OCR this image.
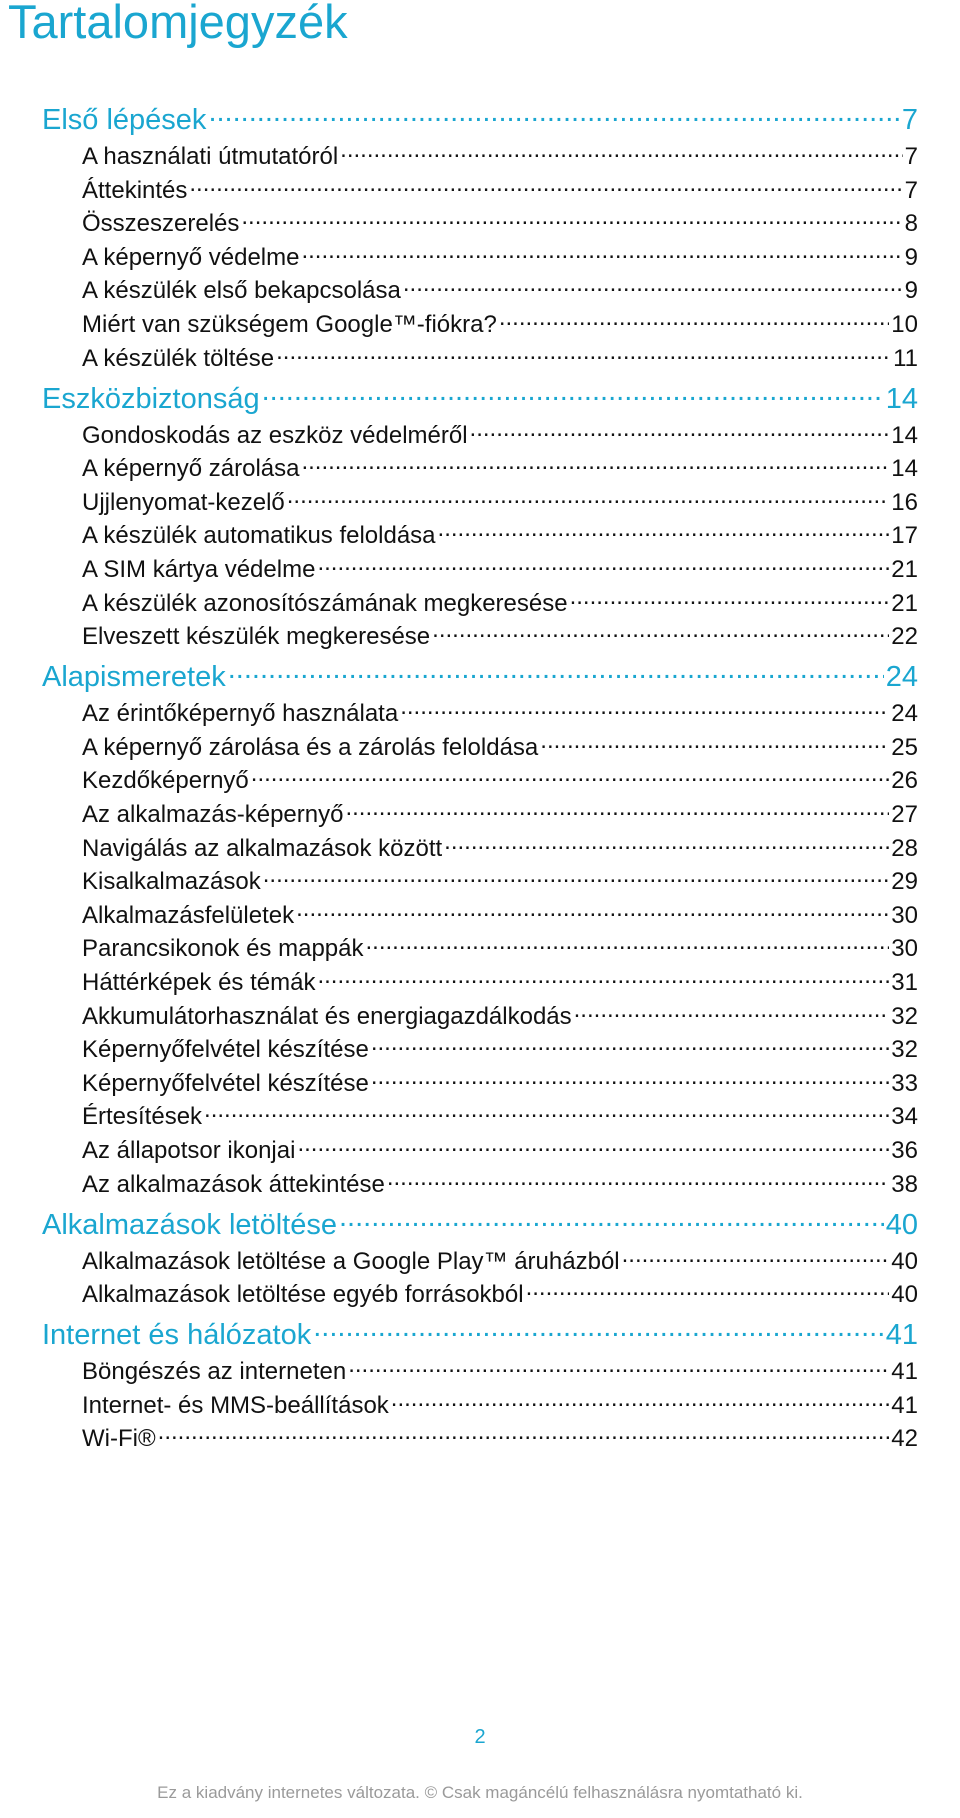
Tartalomjegyzék
Első lépések .....	7
A használati útmutatóról .....	7
Áttekintés .....	7
Összeszerelés .....	8
A képernyő védelme .....	9
A készülék első bekapcsolása .....	9
Miért van szükségem Google™-fiókra? .....	10
A készülék töltése .....	11
Eszközbiztonság .....	14
Gondoskodás az eszköz védelméről .....	14
A képernyő zárolása .....	14
Ujjlenyomat-kezelő .....	16
A készülék automatikus feloldása .....	17
A SIM kártya védelme .....	21
A készülék azonosítószámának megkeresése .....	21
Elveszett készülék megkeresése .....	22
Alapismeretek .....	24
Az érintőképernyő használata .....	24
A képernyő zárolása és a zárolás feloldása .....	25
Kezdőképernyő .....	26
Az alkalmazás-képernyő .....	27
Navigálás az alkalmazások között .....	28
Kisalkalmazások .....	29
Alkalmazásfelületek .....	30
Parancsikonok és mappák .....	30
Háttérképek és témák .....	31
Akkumulátorhasználat és energiagazdálkodás .....	32
Képernyőfelvétel készítése .....	32
Képernyőfelvétel készítése .....	33
Értesítések .....	34
Az állapotsor ikonjai .....	36
Az alkalmazások áttekintése .....	38
Alkalmazások letöltése .....	40
Alkalmazások letöltése a Google Play™ áruházból .....	40
Alkalmazások letöltése egyéb forrásokból .....	40
Internet és hálózatok .....	41
Böngészés az interneten .....	41
Internet- és MMS-beállítások .....	41
Wi-Fi® .....	42
2
Ez a kiadvány internetes változata. © Csak magáncélú felhasználásra nyomtatható ki.
